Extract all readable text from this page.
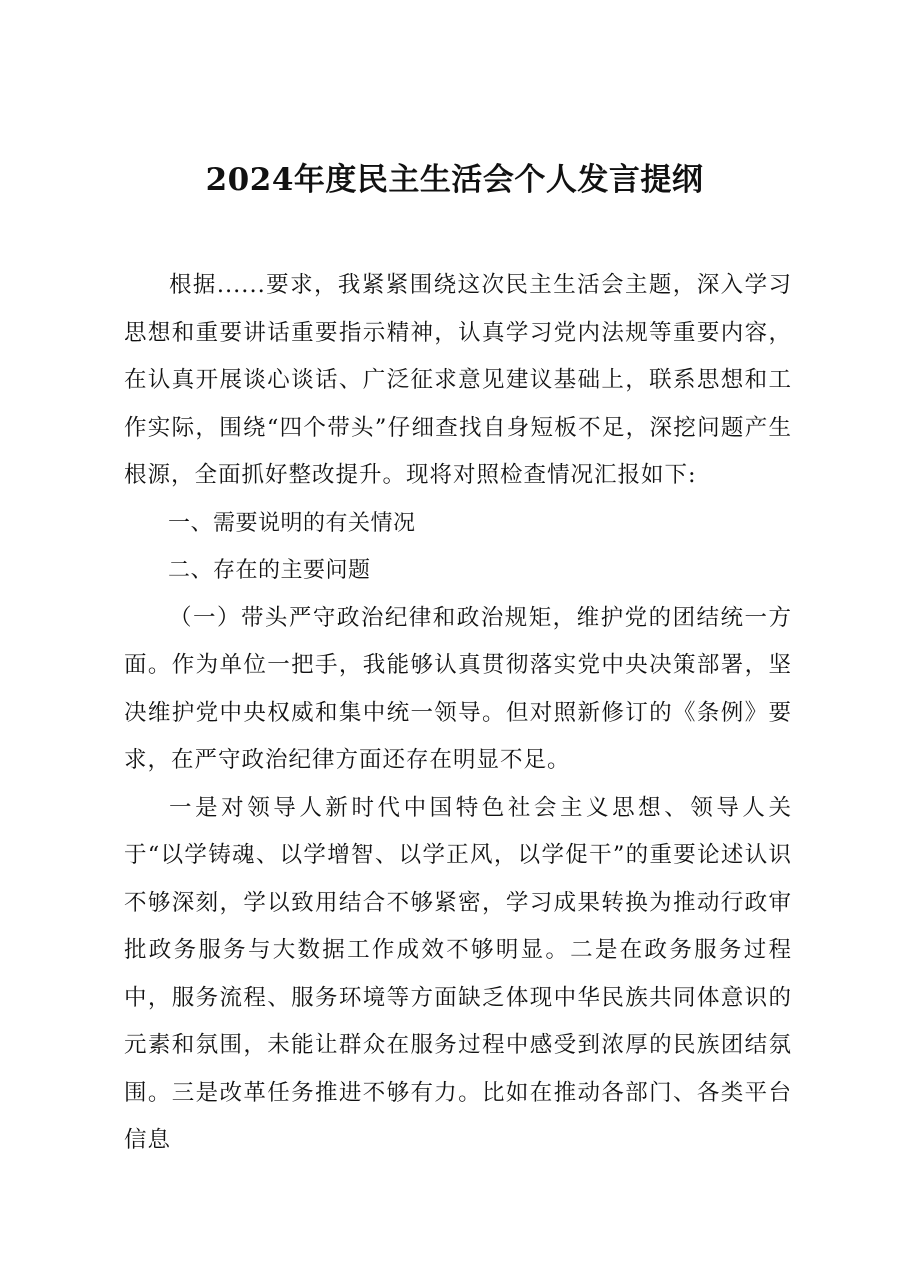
2024年度民主生活会个人发言提纲

根据......要求，我紧紧围绕这次民主生活会主题，深入学习思想和重要讲话重要指示精神，认真学习党内法规等重要内容，在认真开展谈心谈话、广泛征求意见建议基础上，联系思想和工作实际，围绕“四个带头”仔细查找自身短板不足，深挖问题产生根源，全面抓好整改提升。现将对照检查情况汇报如下:

一、需要说明的有关情况

二、存在的主要问题

（一）带头严守政治纪律和政治规矩，维护党的团结统一方面。作为单位一把手，我能够认真贯彻落实党中央决策部署，坚决维护党中央权威和集中统一领导。但对照新修订的《条例》要求，在严守政治纪律方面还存在明显不足。

一是对领导人新时代中国特色社会主义思想、领导人关于“以学铸魂、以学增智、以学正风，以学促干”的重要论述认识不够深刻，学以致用结合不够紧密，学习成果转换为推动行政审批政务服务与大数据工作成效不够明显。二是在政务服务过程中，服务流程、服务环境等方面缺乏体现中华民族共同体意识的元素和氛围，未能让群众在服务过程中感受到浓厚的民族团结氛围。三是改革任务推进不够有力。比如在推动各部门、各类平台信息
